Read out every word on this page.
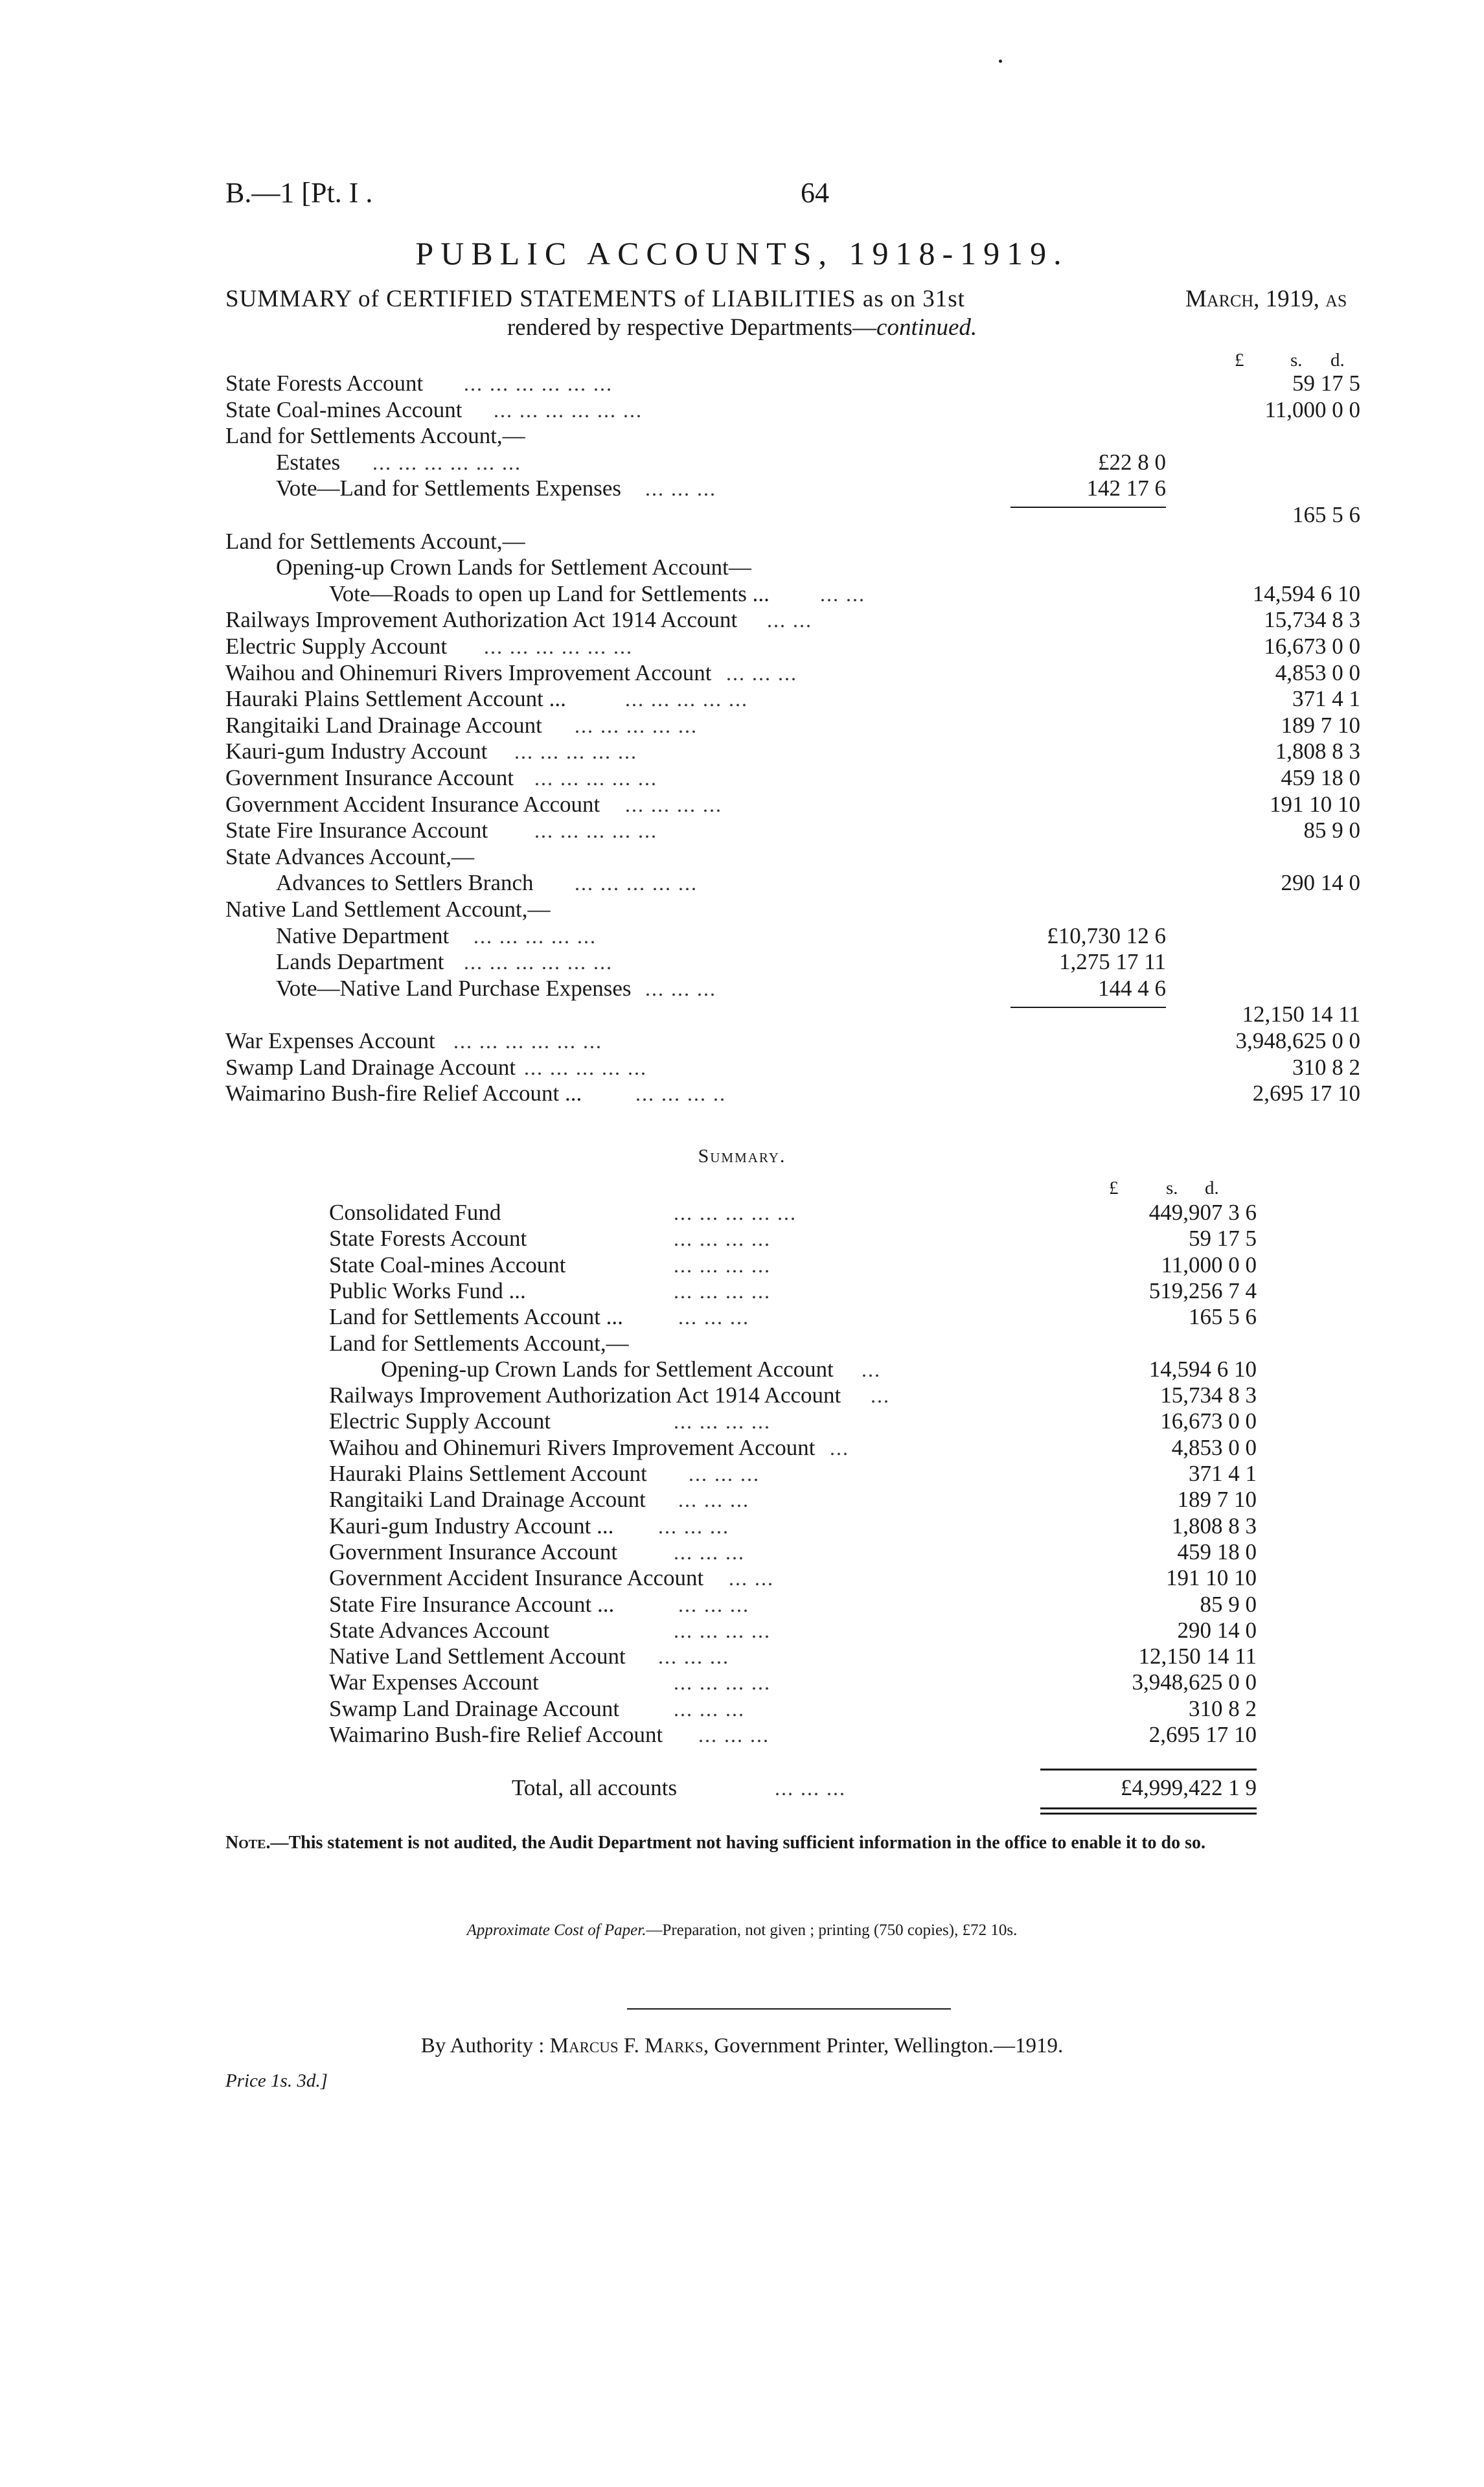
B.—1 [Pt. I .	64
PUBLIC ACCOUNTS, 1918-1919.
SUMMARY of CERTIFIED STATEMENTS of LIABILITIES as on 31st	March, 1919, as
rendered by respective Departments—continued.
£ s. d.
State Forests Account ... ... ... ... ... ...	59 17 5
State Coal-mines Account ... ... ... ... ... ...	11,000 0 0
Land for Settlements Account,—
Estates ... ... ... ... ... ...	£22 8 0
Vote—Land for Settlements Expenses ... ... ...	142 17 6
165 5 6
Land for Settlements Account,—
Opening-up Crown Lands for Settlement Account—
Vote—Roads to open up Land for Settlements ... ... ...	14,594 6 10
Railways Improvement Authorization Act 1914 Account ... ...	15,734 8 3
Electric Supply Account ... ... ... ... ... ...	16,673 0 0
Waihou and Ohinemuri Rivers Improvement Account ... ... ...	4,853 0 0
Hauraki Plains Settlement Account ...	... ... ... ... ...	371 4 1
Rangitaiki Land Drainage Account ... ... ... ... ...	189 7 10
Kauri-gum Industry Account ... ... ... ... ...	1,808 8 3
Government Insurance Account ... ... ... ... ...	459 18 0
Government Accident Insurance Account ... ... ... ...	191 10 10
State Fire Insurance Account ... ... ... ... ...	85 9 0
State Advances Account,—
Advances to Settlers Branch ... ... ... ... ...	290 14 0
Native Land Settlement Account,—
Native Department ... ... ... ... ...	£10,730 12 6
Lands Department ... ... ... ... ... ...	1,275 17 11
Vote—Native Land Purchase Expenses ... ... ...	144 4 6
12,150 14 11
War Expenses Account ... ... ... ... ... ...	3,948,625 0 0
Swamp Land Drainage Account ... ... ... ... ...	310 8 2
Waimarino Bush-fire Relief Account ...	... ... ... ..	2,695 17 10
Summary.
£	s. d.
Consolidated Fund	... ... ... ... ...	449,907 3 6
State Forests Account	... ... ... ...	59 17 5
State Coal-mines Account	... ... ... ...	11,000 0 0
Public Works Fund ...	... ... ... ...	519,256 7 4
Land for Settlements Account ...	... ... ...	165 5 6
Land for Settlements Account,—
Opening-up Crown Lands for Settlement Account ...	14,594 6 10
Railways Improvement Authorization Act 1914 Account ...	15,734 8 3
Electric Supply Account	... ... ... ...	16,673 0 0
Waihou and Ohinemuri Rivers Improvement Account ...	4,853 0 0
Hauraki Plains Settlement Account ... ... ...	371 4 1
Rangitaiki Land Drainage Account ... ... ...	189 7 10
Kauri-gum Industry Account ... ... ... ...	1,808 8 3
Government Insurance Account	... ... ...	459 18 0
Government Accident Insurance Account ... ...	191 10 10
State Fire Insurance Account ...	... ... ...	85 9 0
State Advances Account	... ... ... ...	290 14 0
Native Land Settlement Account ... ... ...	12,150 14 11
War Expenses Account	... ... ... ...	3,948,625 0 0
Swamp Land Drainage Account	... ... ...	310 8 2
Waimarino Bush-fire Relief Account ... ... ...	2,695 17 10
Total, all accounts	... ... ...	£4,999,422 1 9
Note.—This statement is not audited, the Audit Department not having sufficient information in the office to enable it to do so.
Approximate Cost of Paper.—Preparation, not given ; printing (750 copies), £72 10s.
By Authority : Marcus F. Marks, Government Printer, Wellington.—1919.
Price 1s. 3d.]
